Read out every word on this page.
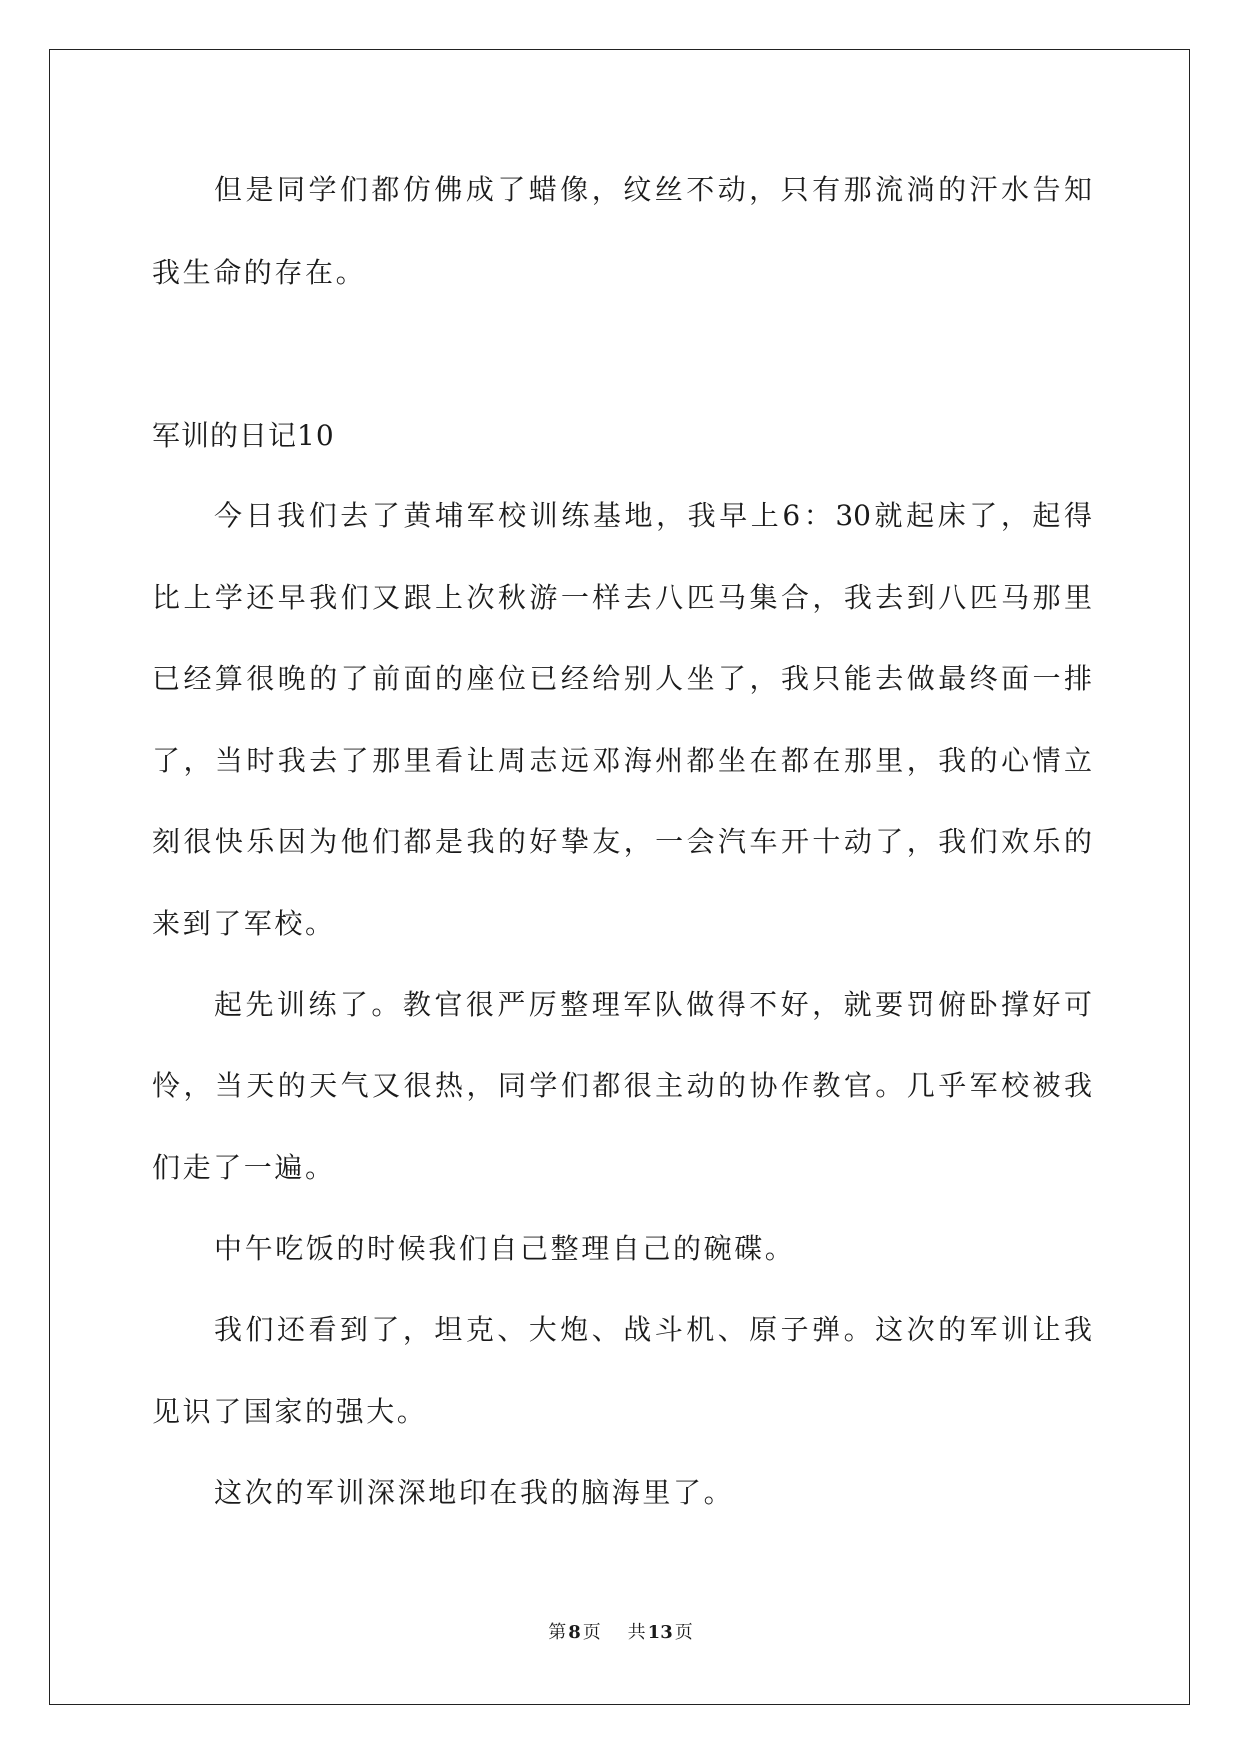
但是同学们都仿佛成了蜡像，纹丝不动，只有那流淌的汗水告知
我生命的存在。
军训的日记10
今日我们去了黄埔军校训练基地，我早上6：30就起床了，起得
比上学还早我们又跟上次秋游一样去八匹马集合，我去到八匹马那里
已经算很晚的了前面的座位已经给别人坐了，我只能去做最终面一排
了，当时我去了那里看让周志远邓海州都坐在都在那里，我的心情立
刻很快乐因为他们都是我的好挚友，一会汽车开十动了，我们欢乐的
来到了军校。
起先训练了。教官很严厉整理军队做得不好，就要罚俯卧撑好可
怜，当天的天气又很热，同学们都很主动的协作教官。几乎军校被我
们走了一遍。
中午吃饭的时候我们自己整理自己的碗碟。
我们还看到了，坦克、大炮、战斗机、原子弹。这次的军训让我
见识了国家的强大。
这次的军训深深地印在我的脑海里了。
第 8 页 共 13 页
